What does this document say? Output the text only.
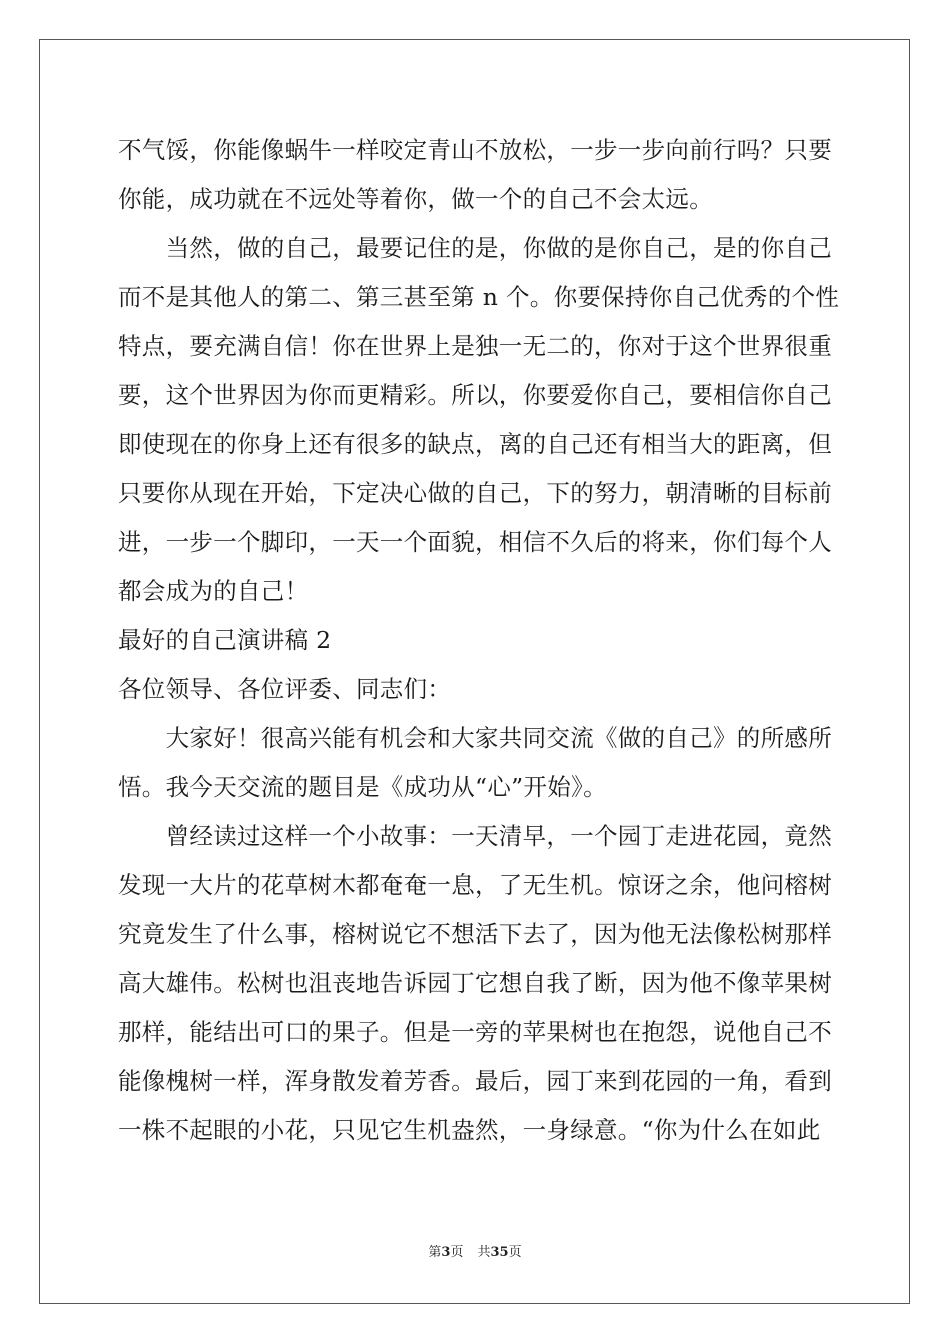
不气馁，你能像蜗牛一样咬定青山不放松，一步一步向前行吗？只要
你能，成功就在不远处等着你，做一个的自己不会太远。
　　当然，做的自己，最要记住的是，你做的是你自己，是的你自己
而不是其他人的第二、第三甚至第 n 个。你要保持你自己优秀的个性
特点，要充满自信！你在世界上是独一无二的，你对于这个世界很重
要，这个世界因为你而更精彩。所以，你要爱你自己，要相信你自己
即使现在的你身上还有很多的缺点，离的自己还有相当大的距离，但
只要你从现在开始，下定决心做的自己，下的努力，朝清晰的目标前
进，一步一个脚印，一天一个面貌，相信不久后的将来，你们每个人
都会成为的自己！
最好的自己演讲稿 2
各位领导、各位评委、同志们：
　　大家好！很高兴能有机会和大家共同交流《做的自己》的所感所
悟。我今天交流的题目是《成功从“心”开始》。
　　曾经读过这样一个小故事：一天清早，一个园丁走进花园，竟然
发现一大片的花草树木都奄奄一息，了无生机。惊讶之余，他问榕树
究竟发生了什么事，榕树说它不想活下去了，因为他无法像松树那样
高大雄伟。松树也沮丧地告诉园丁它想自我了断，因为他不像苹果树
那样，能结出可口的果子。但是一旁的苹果树也在抱怨，说他自己不
能像槐树一样，浑身散发着芳香。最后，园丁来到花园的一角，看到
一株不起眼的小花，只见它生机盎然，一身绿意。“你为什么在如此
第3页 共35页
